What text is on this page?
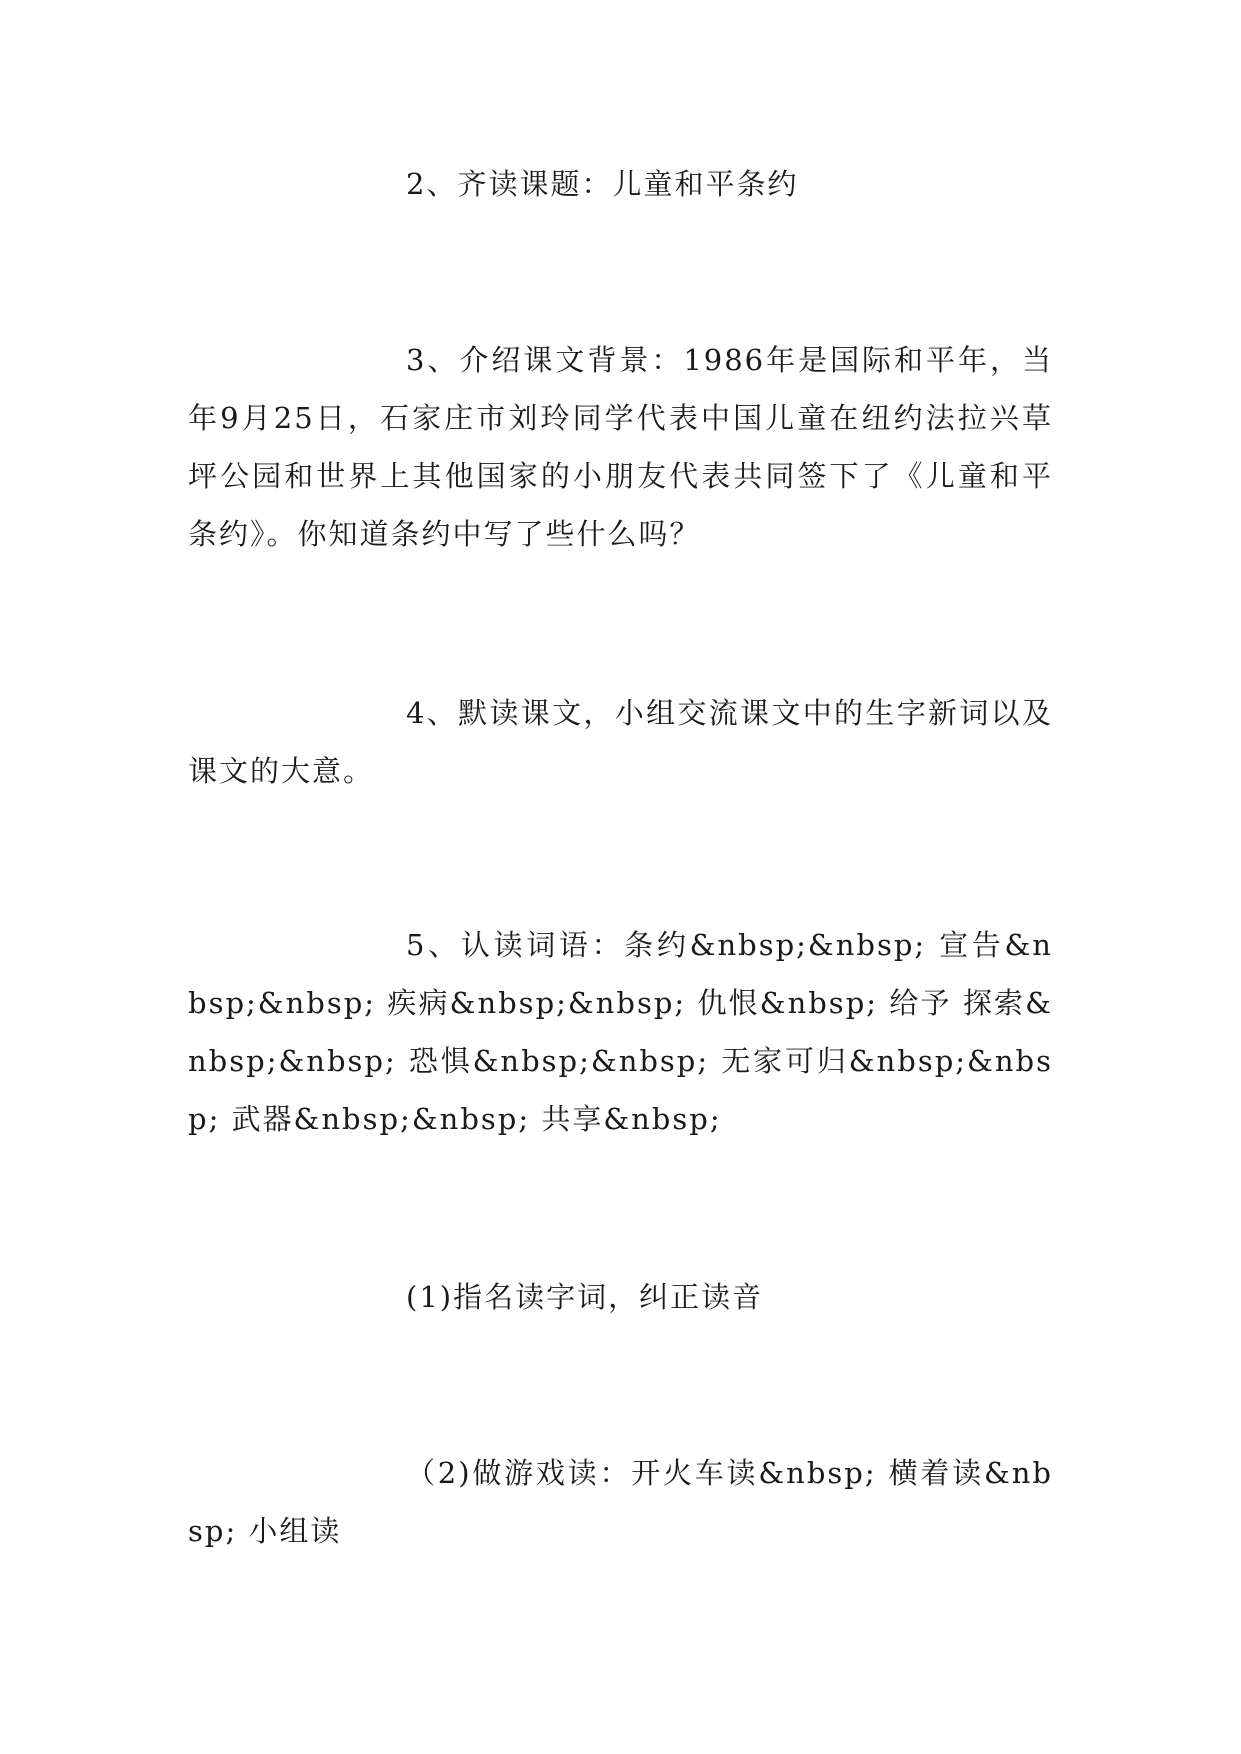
2、齐读课题：儿童和平条约

3、介绍课文背景：1986年是国际和平年，当年9月25日，石家庄市刘玲同学代表中国儿童在纽约法拉兴草坪公园和世界上其他国家的小朋友代表共同签下了《儿童和平条约》。你知道条约中写了些什么吗？

4、默读课文，小组交流课文中的生字新词以及课文的大意。

5、认读词语：条约&nbsp;&nbsp; 宣告&nbsp;&nbsp; 疾病&nbsp;&nbsp; 仇恨&nbsp; 给予 探索&nbsp;&nbsp; 恐惧&nbsp;&nbsp; 无家可归&nbsp;&nbsp; 武器&nbsp;&nbsp; 共享&nbsp;

(1)指名读字词，纠正读音

（2)做游戏读：开火车读&nbsp; 横着读&nbsp; 小组读
